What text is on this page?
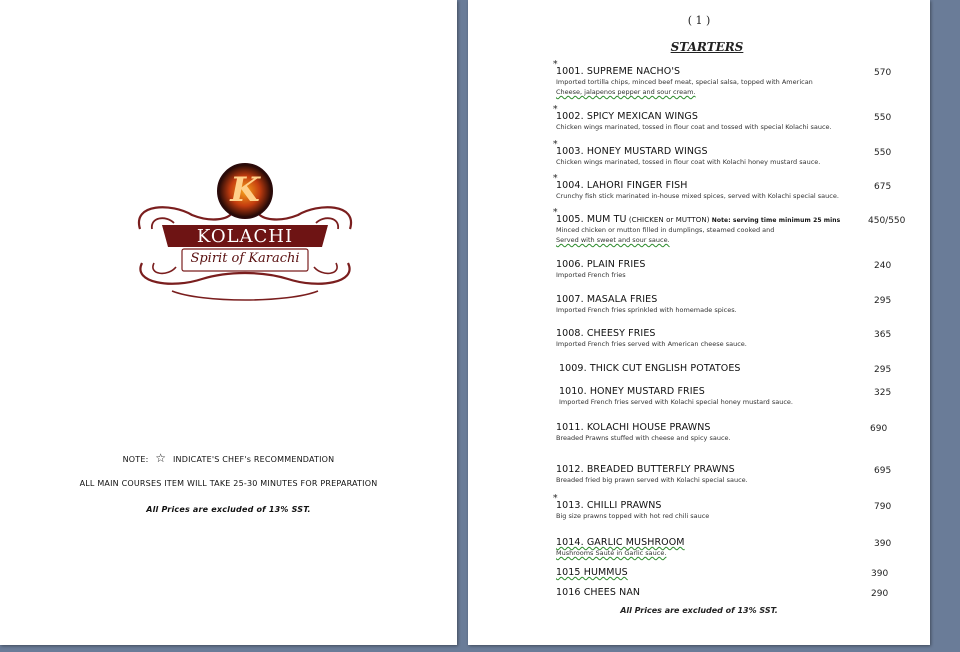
K
KOLACHI
Spirit of Karachi
NOTE: ☆ INDICATE'S CHEF's RECOMMENDATION
ALL MAIN COURSES ITEM WILL TAKE 25-30 MINUTES FOR PREPARATION
All Prices are excluded of 13% SST.
( 1 )
STARTERS
*
1001. SUPREME NACHO'S
Imported tortilla chips, minced beef meat, special salsa, topped with American
Cheese, jalapenos pepper and sour cream.
*
1002. SPICY MEXICAN WINGS
Chicken wings marinated, tossed in flour coat and tossed with special Kolachi sauce.
*
1003. HONEY MUSTARD WINGS
Chicken wings marinated, tossed in flour coat with Kolachi honey mustard sauce.
*
1004. LAHORI FINGER FISH
Crunchy fish stick marinated in-house mixed spices, served with Kolachi special sauce.
*
1005. MUM TU (CHICKEN or MUTTON) Note: serving time minimum 25 mins
Minced chicken or mutton filled in dumplings, steamed cooked and
Served with sweet and sour sauce.
1006. PLAIN FRIES
Imported French fries
1007. MASALA FRIES
Imported French fries sprinkled with homemade spices.
1008. CHEESY FRIES
Imported French fries served with American cheese sauce.
1009. THICK CUT ENGLISH POTATOES
1010. HONEY MUSTARD FRIES
Imported French fries served with Kolachi special honey mustard sauce.
1011. KOLACHI HOUSE PRAWNS
Breaded Prawns stuffed with cheese and spicy sauce.
1012. BREADED BUTTERFLY PRAWNS
Breaded fried big prawn served with Kolachi special sauce.
*
1013. CHILLI PRAWNS
Big size prawns topped with hot red chili sauce
1014. GARLIC MUSHROOM
Mushrooms Sauté in Garlic sauce.
1015 HUMMUS
1016 CHEES NAN
All Prices are excluded of 13% SST.
570
550
550
675
450/550
240
295
365
295
325
690
695
790
390
390
290
